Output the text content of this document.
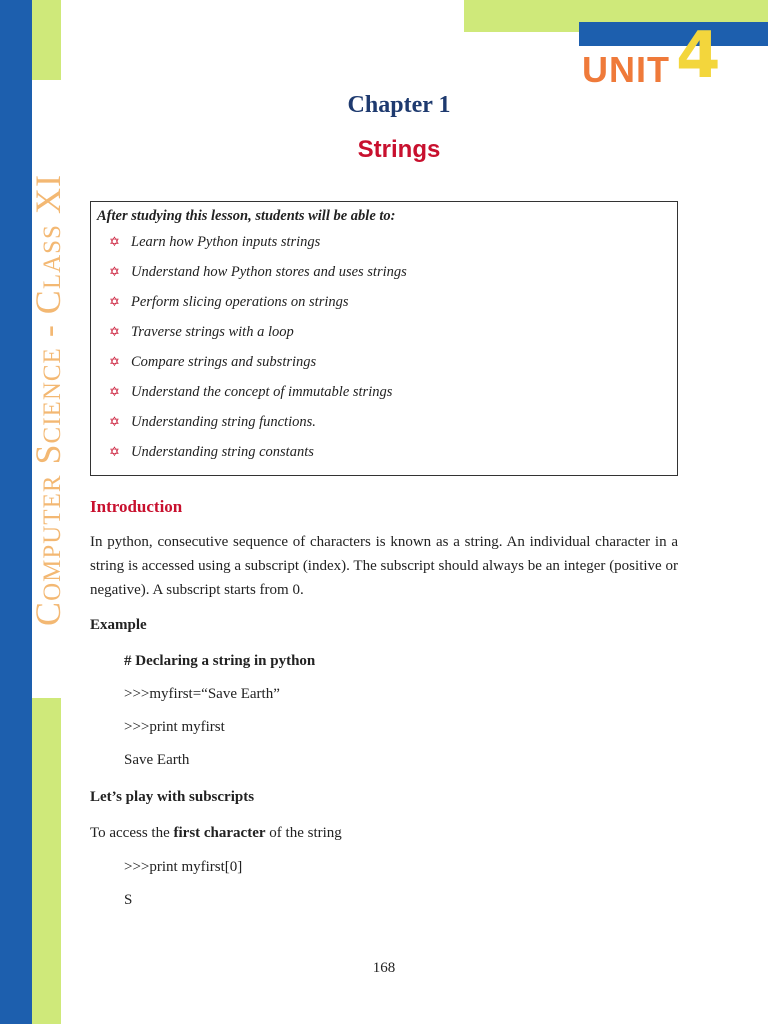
Computer Science - Class XI
UNIT 4
Chapter 1
Strings

After studying this lesson, students will be able to:

✡ Learn how Python inputs strings
✡ Understand how Python stores and uses strings
✡ Perform slicing operations on strings
✡ Traverse strings with a loop
✡ Compare strings and substrings
✡ Understand the concept of immutable strings
✡ Understanding string functions.
✡ Understanding string constants
Introduction

In python, consecutive sequence of characters is known as a string. An individual character in a string is accessed using a subscript (index). The subscript should always be an integer (positive or negative). A subscript starts from 0.

Example
# Declaring a string in python
>>>myfirst=“Save Earth”
>>>print myfirst
Save Earth
Let’s play with subscripts
To access the first character of the string
>>>print myfirst[0]
S
168
